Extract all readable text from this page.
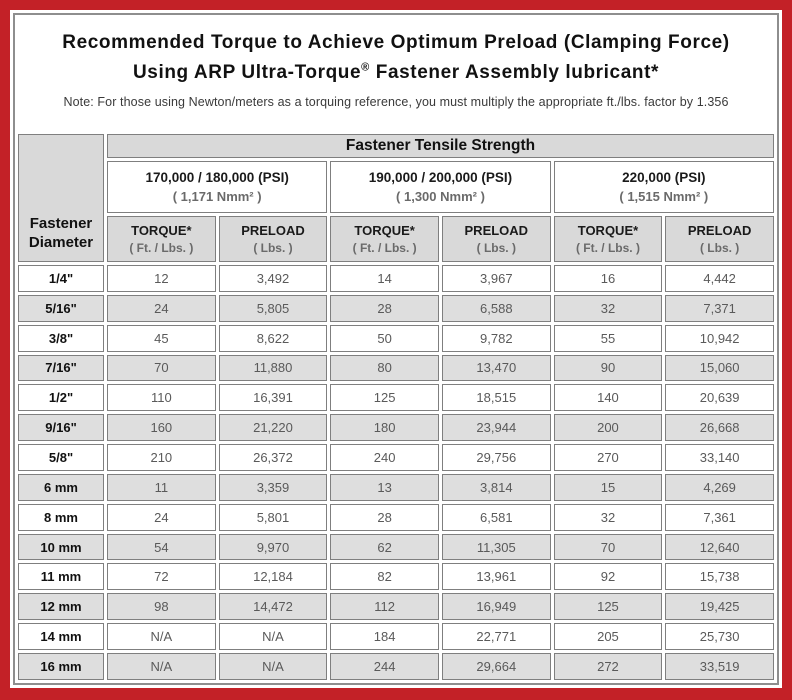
Recommended Torque to Achieve Optimum Preload (Clamping Force)
Using ARP Ultra-Torque® Fastener Assembly lubricant*
Note: For those using Newton/meters as a torquing reference, you must multiply the appropriate ft./lbs. factor by 1.356
Fastener Diameter	Fastener Tensile Strength					

170,000 / 180,000 (PSI)
( 1,171 Nmm² )

190,000 / 200,000 (PSI)
( 1,300 Nmm² )

220,000 (PSI)
( 1,515 Nmm² )

TORQUE*
( Ft. / Lbs. )

PRELOAD
( Lbs. )

TORQUE*
( Ft. / Lbs. )

PRELOAD
( Lbs. )

TORQUE*
( Ft. / Lbs. )

PRELOAD
( Lbs. )

1/4"	12	3,492	14	3,967	16	4,442
5/16"	24	5,805	28	6,588	32	7,371
3/8"	45	8,622	50	9,782	55	10,942
7/16"	70	11,880	80	13,470	90	15,060
1/2"	110	16,391	125	18,515	140	20,639
9/16"	160	21,220	180	23,944	200	26,668
5/8"	210	26,372	240	29,756	270	33,140
6 mm	11	3,359	13	3,814	15	4,269
8 mm	24	5,801	28	6,581	32	7,361
10 mm	54	9,970	62	11,305	70	12,640
11 mm	72	12,184	82	13,961	92	15,738
12 mm	98	14,472	112	16,949	125	19,425
14 mm	N/A	N/A	184	22,771	205	25,730
16 mm	N/A	N/A	244	29,664	272	33,519
